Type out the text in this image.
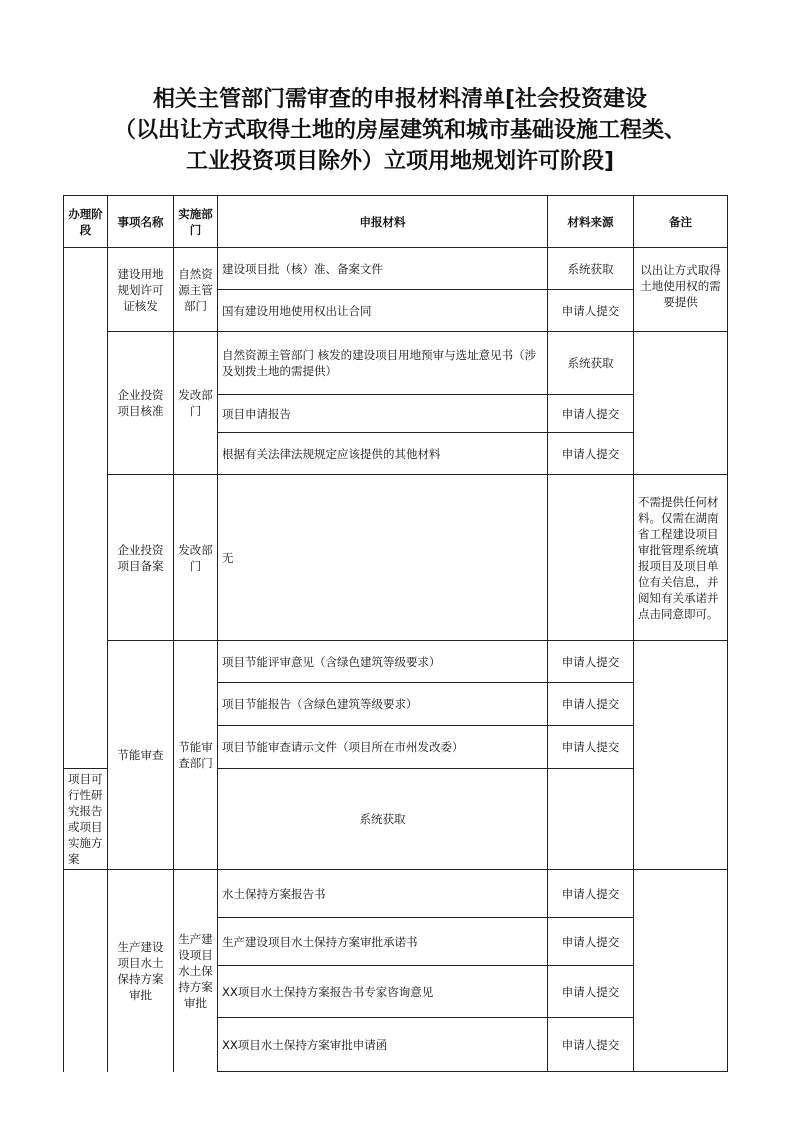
相关主管部门需审查的申报材料清单[社会投资建设
（以出让方式取得土地的房屋建筑和城市基础设施工程类、
工业投资项目除外）立项用地规划许可阶段]
办理阶段	事项名称	实施部门	申报材料	材料来源	备注
	建设用地规划许可证核发	自然资源主管部门	建设项目批（核）准、备案文件	系统获取	以出让方式取得土地使用权的需要提供
			国有建设用地使用权出让合同	申请人提交	
	企业投资项目核准	发改部门	自然资源主管部门 核发的建设项目用地预审与选址意见书（涉及划拨土地的需提供）	系统获取	
			项目申请报告	申请人提交	
			根据有关法律法规规定应该提供的其他材料	申请人提交	
	企业投资项目备案	发改部门	无		不需提供任何材料。仅需在湖南省工程建设项目审批管理系统填报项目及项目单位有关信息，并阅知有关承诺并点击同意即可。
	节能审查	节能审查部门	项目节能评审意见（含绿色建筑等级要求）	申请人提交	
			项目节能报告（含绿色建筑等级要求）	申请人提交	
			项目节能审查请示文件（项目所在市州发改委）	申请人提交	
项目可行性研究报告或项目实施方案			系统获取		
	生产建设项目水土保持方案审批	生产建设项目水土保持方案审批	水土保持方案报告书	申请人提交	
			生产建设项目水土保持方案审批承诺书	申请人提交	
			XX项目水土保持方案报告书专家咨询意见	申请人提交	
			XX项目水土保持方案审批申请函	申请人提交	
